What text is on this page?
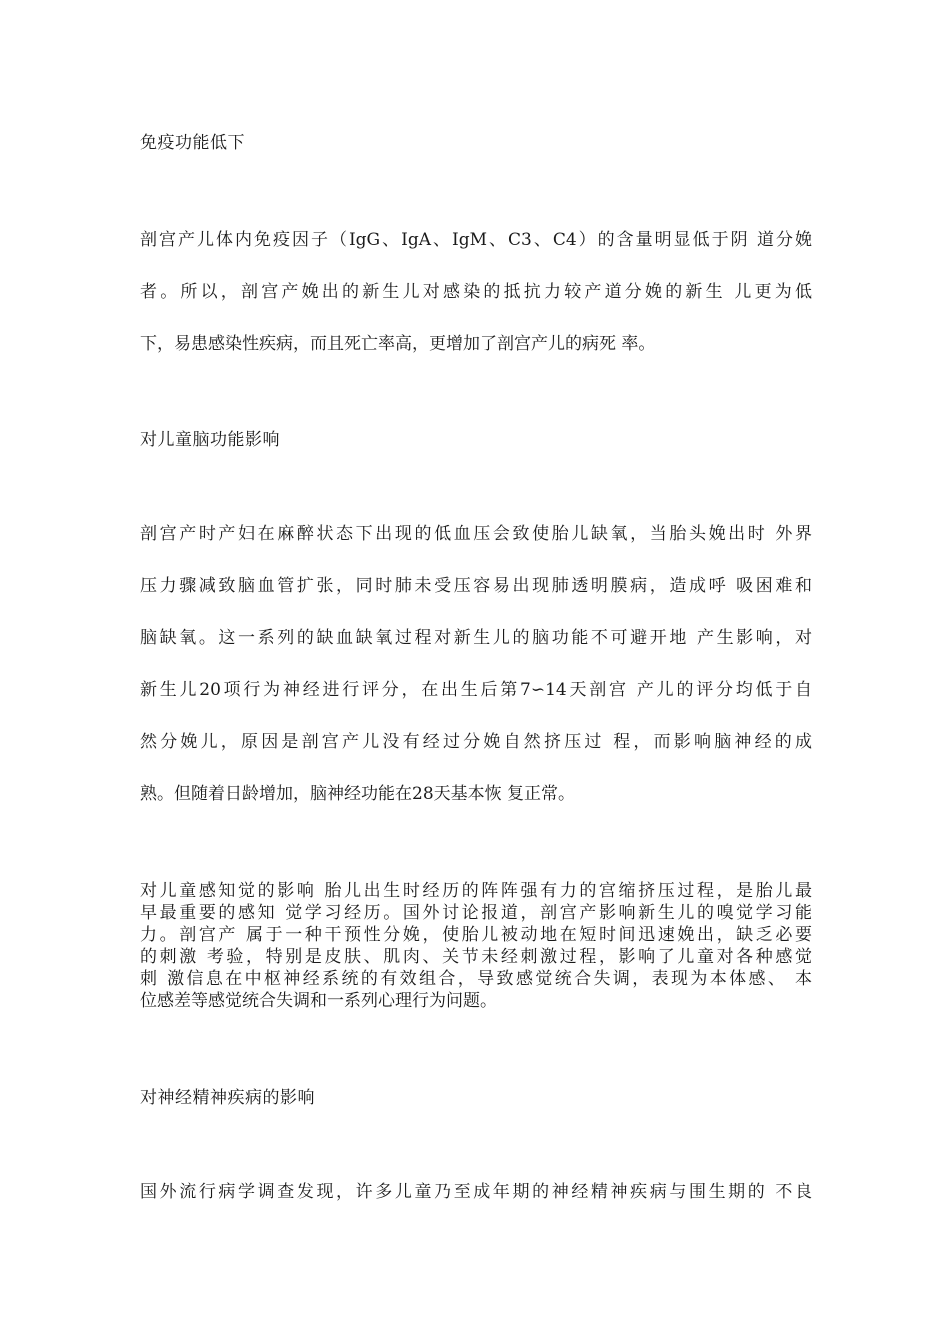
免疫功能低下
剖宫产儿体内免疫因子（IgG、IgA、IgM、C3、C4）的含量明显低于阴 道分娩
者。所以，剖宫产娩出的新生儿对感染的抵抗力较产道分娩的新生 儿更为低
下，易患感染性疾病，而且死亡率高，更增加了剖宫产儿的病死 率。
对儿童脑功能影响
剖宫产时产妇在麻醉状态下出现的低血压会致使胎儿缺氧，当胎头娩出时 外界
压力骤减致脑血管扩张，同时肺未受压容易出现肺透明膜病，造成呼 吸困难和
脑缺氧。这一系列的缺血缺氧过程对新生儿的脑功能不可避开地 产生影响，对
新生儿20项行为神经进行评分，在出生后第7∽14天剖宫 产儿的评分均低于自
然分娩儿，原因是剖宫产儿没有经过分娩自然挤压过 程，而影响脑神经的成
熟。但随着日龄增加，脑神经功能在28天基本恢 复正常。
对儿童感知觉的影响 胎儿出生时经历的阵阵强有力的宫缩挤压过程，是胎儿最
早最重要的感知 觉学习经历。国外讨论报道，剖宫产影响新生儿的嗅觉学习能
力。剖宫产 属于一种干预性分娩，使胎儿被动地在短时间迅速娩出，缺乏必要
的刺激 考验，特别是皮肤、肌肉、关节未经刺激过程，影响了儿童对各种感觉
刺 激信息在中枢神经系统的有效组合，导致感觉统合失调，表现为本体感、 本
位感差等感觉统合失调和一系列心理行为问题。
对神经精神疾病的影响
国外流行病学调查发现，许多儿童乃至成年期的神经精神疾病与围生期的 不良
